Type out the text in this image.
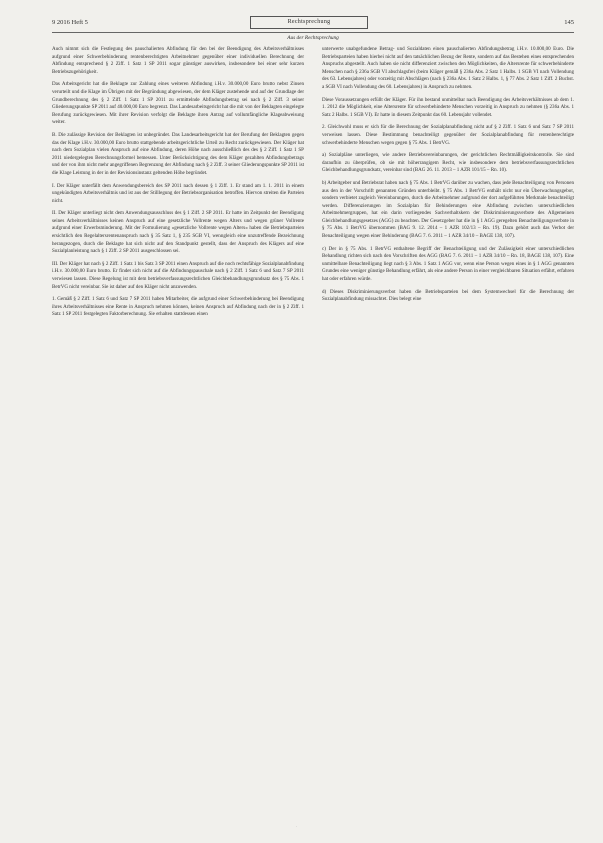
9 2016 Heft 5	Rechtsprechung	145
Aus der Rechtsprechung

Auch nimmt sich die Festlegung des pauschalierten Abfindung für den bei der Beendigung des Arbeitsverhältnisses aufgrund einer Schwerbehinderung rentenberechtigten Arbeitnehmer gegenüber einer individuellen Berechnung der Abfindung entsprechend § 2 Ziff. 1 Satz 1 SP 2011 sogar günstiger auswirken, insbesondere bei einer sehr kurzen Betriebszugehörigkeit.

Das Arbeitsgericht hat die Beklagte zur Zahlung eines weiteren Abfindung i.H.v. 30.000,00 Euro brutto nebst Zinsen verurteilt und die Klage im Übrigen mit der Begründung abgewiesen, der dem Kläger zustehende und auf der Grundlage der Grundberechnung des § 2 Ziff. 1 Satz 1 SP 2011 zu ermittelnde Abfindungsbetrag sei nach § 2 Ziff. 3 seiner Gliederungspunkte SP 2011 auf 40.000,00 Euro begrenzt. Das Landesarbeitsgericht hat die mit von der Beklagten eingelegte Berufung zurückgewiesen. Mit ihrer Revision verfolgt die Beklagte ihren Antrag auf vollumfängliche Klageabweisung weiter.

B. Die zulässige Revision der Beklagten ist unbegründet. Das Landesarbeitsgericht hat der Berufung der Beklagten gegen das der Klage i.H.v. 30.000,00 Euro brutto stattgebende arbeitsgerichtliche Urteil zu Recht zurückgewiesen. Der Kläger hat nach dem Sozialplan vielen Anspruch auf eine Abfindung, deren Höhe nach ausschließlich des des § 2 Ziff. 1 Satz 1 SP 2011 niedergelegten Berechnungsformel bemessen. Unter Berücksichtigung des dem Kläger gezahlten Abfindungsbetrags und der von ihm nicht mehr angegriffenen Begrenzung der Abfindung nach § 2 Ziff. 3 seiner Gliederungspunkte SP 2011 ist die Klage Leistung in der in der Revisionsinstanz geltenden Höhe begründet.

I. Der Kläger unterfällt dem Anwendungsbereich des SP 2011 nach dessen § 1 Ziff. 1. Er stand am 1. 1. 2011 in einem ungekündigten Arbeitsverhältnis und ist aus der Stilllegung der Betriebsorganisation betroffen. Hiervon streiten die Parteien nicht.

II. Der Kläger unterliegt nicht dem Anwendungsausschluss des § 1 Ziff. 2 SP 2011. Er hatte im Zeitpunkt der Beendigung seines Arbeitsverhältnisses keinen Anspruch auf eine gesetzliche Vollrente wegen Alters und wegen grüner Vollrente aufgrund einer Erwerbsminderung. Mit der Formulierung »gesetzliche Vollrente wegen Alters« haben die Betriebsparteien ersichtlich den Regelaltersrentenanspruch nach § 35 Satz 1, § 235 SGB VI, wenngleich eine unzutreffende Bezeichnung herangezogen, durch die Beklagte hat sich nicht auf den Standpunkt gestellt, dass der Anspruch des Klägers auf eine Sozialplanleistung nach § 1 Ziff. 2 SP 2011 ausgeschlossen sei.

III. Der Kläger hat nach § 2 Ziff. 1 Satz 1 bis Satz 3 SP 2011 einen Anspruch auf die noch rechtsfähige Sozialplanabfindung i.H.v. 30.000,00 Euro brutto. Er findet sich nicht auf die Abfindungspauschale nach § 2 Ziff. 1 Satz 6 und Satz 7 SP 2011 verwiesen lassen. Diese Regelung ist mit dem betriebsverfassungsrechtlichen Gleichbehandlungsgrundsatz des § 75 Abs. 1 BetrVG nicht vereinbar. Sie ist daher auf den Kläger nicht anzuwenden.

1. Gemäß § 2 Ziff. 1 Satz 6 und Satz 7 SP 2011 haben Mitarbeiter, die aufgrund einer Schwerbehinderung bei Beendigung ihres Arbeitsverhältnisses eine Rente in Anspruch nehmen können, keinen Anspruch auf Abfindung nach der in § 2 Ziff. 1 Satz 1 SP 2011 festgelegten Faktorberechnung. Sie erhalten stattdessen einen

unterwerte unabgefundene Betrag- und Sozialdaten einen pauschalierten Abfindungsbetrag i.H.v. 10.000,00 Euro. Die Betriebsparteien haben hierbei nicht auf den tatsächlichen Bezug der Rente, sondern auf das Bestehen eines entsprechenden Anspruchs abgestellt. Auch haben sie nicht differenziert zwischen den Möglichkeiten, die Altersrente für schwerbehinderte Menschen nach § 236a SGB VI abschlagsfrei (beim Kläger gemäß § 236a Abs. 2 Satz 1 Halbs. 1 SGB VI nach Vollendung des 63. Lebensjahres) oder vorzeitig mit Abschlägen (nach § 236a Abs. 1 Satz 2 Halbs. 1, § 77 Abs. 2 Satz 1 Ziff. 2 Buchst. a SGB VI nach Vollendung des 60. Lebensjahres) in Anspruch zu nehmen.

Diese Voraussetzungen erfüllt der Kläger. Für ihn bestand unmittelbar nach Beendigung des Arbeitsverhältnisses ab dem 1. 1. 2012 die Möglichkeit, eine Altersrente für schwerbehinderte Menschen vorzeitig in Anspruch zu nehmen (§ 236a Abs. 1 Satz 2 Halbs. 1 SGB VI). Er hatte in diesem Zeitpunkt das 60. Lebensjahr vollendet.

2. Gleichwohl muss er sich für die Berechnung der Sozialplanabfindung nicht auf § 2 Ziff. 1 Satz 6 und Satz 7 SP 2011 verweisen lassen. Diese Bestimmung benachteiligt gegenüber der Sozialplanabfindung für rentenberechtigte schwerbehinderte Menschen wegen gegen § 75 Abs. 1 BetrVG.

a) Sozialpläne unterliegen, wie andere Betriebsvereinbarungen, der gerichtlichen Rechtmäßigkeitskontrolle. Sie sind daraufhin zu überprüfen, ob sie mit höherrangigem Recht, wie insbesondere dem betriebsverfassungsrechtlichen Gleichbehandlungsgrundsatz, vereinbar sind (BAG 26. 11. 2013 – 1 AZR 101/15 – Rn. 10).

b) Arbeitgeber und Betriebsrat haben nach § 75 Abs. 1 BetrVG darüber zu wachen, dass jede Benachteiligung von Personen aus den in der Vorschrift genannten Gründen unterbleibt. § 75 Abs. 1 BetrVG enthält nicht nur ein Überwachungsgebot, sondern verbietet zugleich Vereinbarungen, durch die Arbeitnehmer aufgrund der dort aufgeführten Merkmale benachteiligt werden. Differenzierungen im Sozialplan für Behinderungen eine Abfindung zwischen unterschiedlichen Arbeitnehmergruppen, hat ein darin vorliegendes Sachverhaltskern der Diskriminierungsverbote des Allgemeinen Gleichbehandlungsgesetzes (AGG) zu beachten. Der Gesetzgeber hat die in § 1 AGG geregelten Benachteiligungsverbote in § 75 Abs. 1 BetrVG übernommen (BAG 9. 12. 2014 – 1 AZR 102/13 – Rn. 19). Dazu gehört auch das Verbot der Benachteiligung wegen einer Behinderung (BAG 7. 6. 2011 – 1 AZR 34/10 – BAGE 138, 107).

c) Der in § 75 Abs. 1 BetrVG enthaltene Begriff der Benachteiligung und der Zulässigkeit einer unterschiedlichen Behandlung richten sich nach den Vorschriften des AGG (BAG 7. 6. 2011 – 1 AZR 34/10 – Rn. 18, BAGE 138, 107). Eine unmittelbare Benachteiligung liegt nach § 3 Abs. 1 Satz 1 AGG vor, wenn eine Person wegen eines in § 1 AGG genannten Grundes eine weniger günstige Behandlung erfährt, als eine andere Person in einer vergleichbaren Situation erfährt, erfahren hat oder erfahren würde.

d) Dieses Diskriminierungsverbot haben die Betriebsparteien bei dem Systemwechsel für die Berechnung der Sozialplanabfindung missachtet. Dies belegt eine

·
